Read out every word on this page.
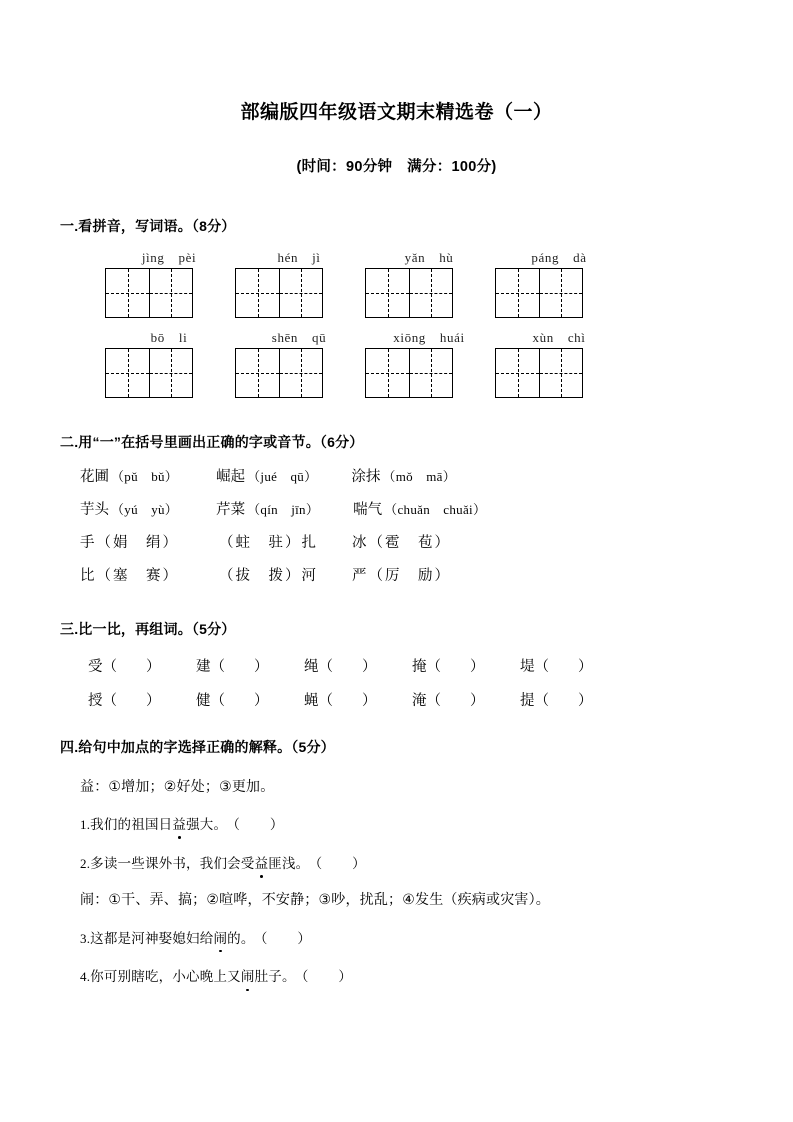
部编版四年级语文期末精选卷（一）
(时间：90分钟　满分：100分)
一.看拼音，写词语。（8分）
jìng pèi	hén jì	yǎn hù	páng dà
bō li	shēn qū	xiōng huái	xùn chì
二.用“一”在括号里画出正确的字或音节。（6分）
花圃 （pǔ　bǔ）	崛起 （jué　qū） 涂抹 （mǒ　mā）
芋头 （yú　yù）	芹菜 （qín　jīn） 喘气 （chuǎn　chuǎi）
手 （娟　绢）	（蛀　驻）扎 冰 （雹　苞）
比 （塞　赛）	（拔　拨）河 严 （厉　励）
三.比一比，再组词。（5分）
受（　　）	建（　　）	绳（　　）	掩（　　）	堤（　　）
授（　　）	健（　　）	蝇（　　）	淹（　　）	提（　　）
四.给句中加点的字选择正确的解释。（5分）
益：①增加；②好处；③更加。
1.我们的祖国日益强大。 （　　）
2.多读一些课外书，我们会受益匪浅。 （　　）
闹：①干、弄、搞；②喧哗，不安静；③吵，扰乱；④发生（疾病或灾害）。
3.这都是河神娶媳妇给闹的。 （　　）
4.你可别瞎吃，小心晚上又闹肚子。 （　　）
